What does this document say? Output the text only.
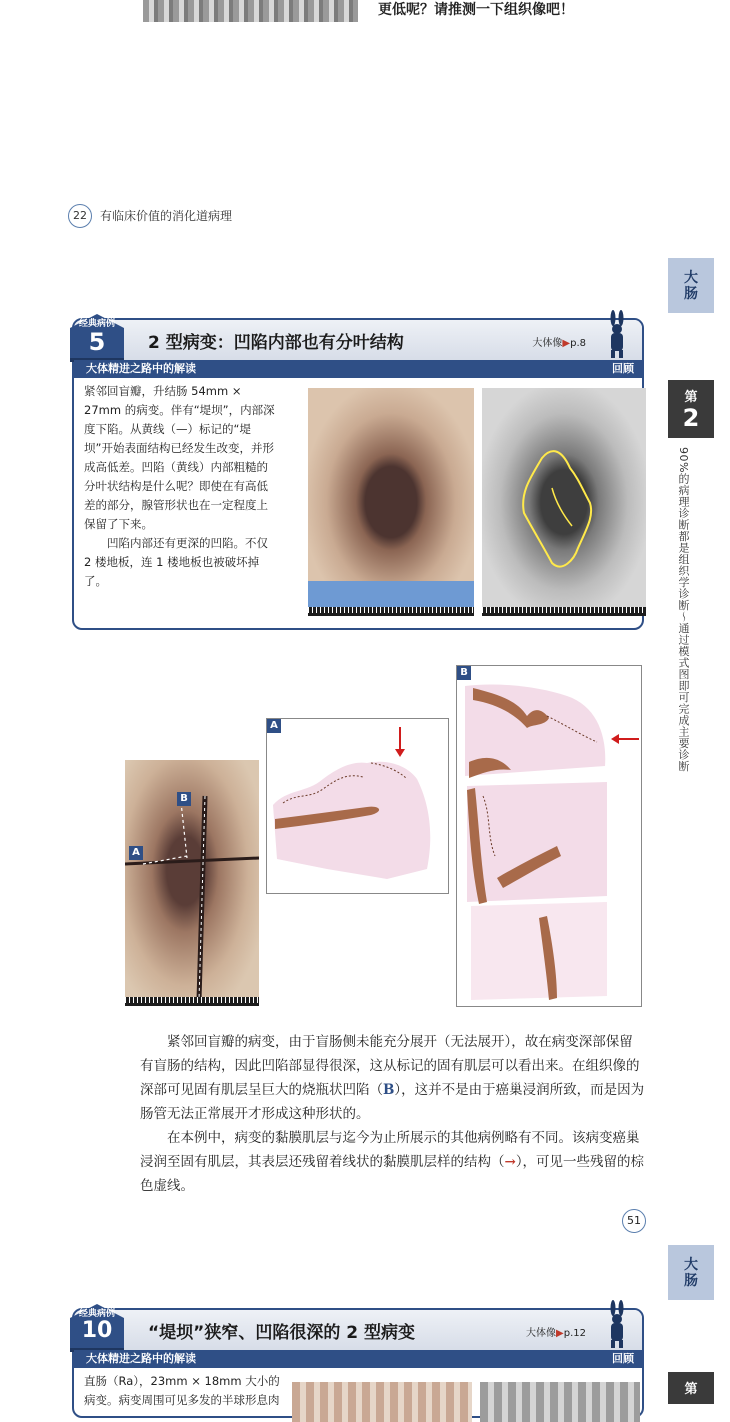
更低呢？请推测一下组织像吧！
22	有临床价值的消化道病理
大肠
第
2
90%的病理诊断都是组织学诊断～通过模式图即可完成主要诊断
大肠
第
经典病例
5	2 型病变：凹陷内部也有分叶结构	大体像▶p.8
大体精进之路中的解读	回顾

紧邻回盲瓣，升结肠 54mm × 27mm 的病变。伴有“堤坝”，内部深度下陷。从黄线（—）标记的“堤坝”开始表面结构已经发生改变，并形成高低差。凹陷（黄线）内部粗糙的分叶状结构是什么呢？即使在有高低差的部分，腺管形状也在一定程度上保留了下来。

凹陷内部还有更深的凹陷。不仅 2 楼地板，连 1 楼地板也被破坏掉了。

B
A
A
B

紧邻回盲瓣的病变，由于盲肠侧未能充分展开（无法展开），故在病变深部保留有盲肠的结构，因此凹陷部显得很深，这从标记的固有肌层可以看出来。在组织像的深部可见固有肌层呈巨大的烧瓶状凹陷（B），这并不是由于癌巢浸润所致，而是因为肠管无法正常展开才形成这种形状的。

在本例中，病变的黏膜肌层与迄今为止所展示的其他病例略有不同。该病变癌巢浸润至固有肌层，其表层还残留着线状的黏膜肌层样的结构（→），可见一些残留的棕色虚线。

51
经典病例
10	“堤坝”狭窄、凹陷很深的 2 型病变	大体像▶p.12
大体精进之路中的解读	回顾
直肠（Ra），23mm × 18mm 大小的病变。病变周围可见多发的半球形息肉
